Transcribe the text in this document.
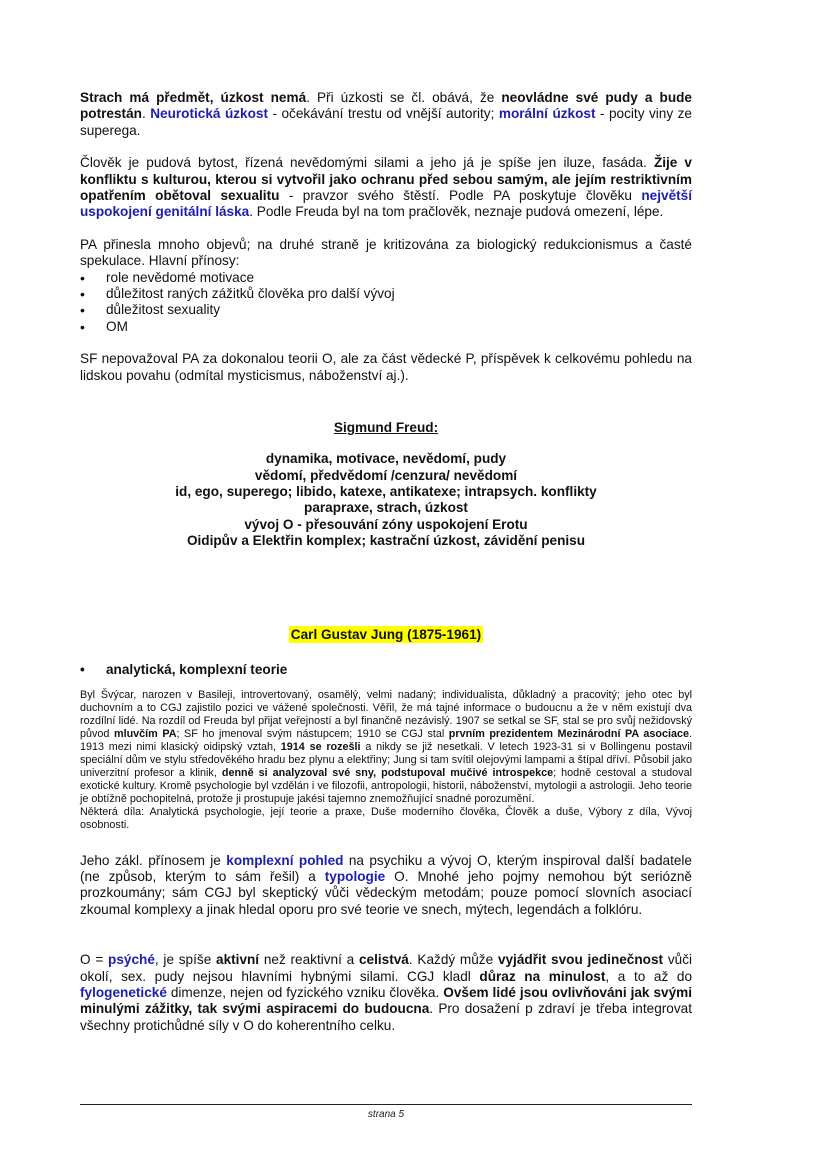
Strach má předmět, úzkost nemá. Při úzkosti se čl. obává, že neovládne své pudy a bude potrestán. Neurotická úzkost - očekávání trestu od vnější autority; morální úzkost - pocity viny ze superega.

Člověk je pudová bytost, řízená nevědomými silami a jeho já je spíše jen iluze, fasáda. Žije v konfliktu s kulturou, kterou si vytvořil jako ochranu před sebou samým, ale jejím restriktivním opatřením obětoval sexualitu - pravzor svého štěstí. Podle PA poskytuje člověku největší uspokojení genitální láska. Podle Freuda byl na tom pračlověk, neznaje pudová omezení, lépe.

PA přinesla mnoho objevů; na druhé straně je kritizována za biologický redukcionismus a časté spekulace. Hlavní přínosy:

• role nevědomé motivace
• důležitost raných zážitků člověka pro další vývoj
• důležitost sexuality
• OM

SF nepovažoval PA za dokonalou teorii O, ale za část vědecké P, příspěvek k celkovému pohledu na lidskou povahu (odmítal mysticismus, náboženství aj.).

Sigmund Freud:
dynamika, motivace, nevědomí, pudy
vědomí, předvědomí /cenzura/ nevědomí
id, ego, superego; libido, katexe, antikatexe; intrapsych. konflikty
parapraxe, strach, úzkost
vývoj O - přesouvání zóny uspokojení Erotu
Oidipův a Elektřin komplex; kastrační úzkost, závidění penisu
Carl Gustav Jung (1875-1961)
• analytická, komplexní teorie
Byl Švýcar, narozen v Basileji, introvertovaný, osamělý, velmi nadaný; individualista, důkladný a pracovitý; jeho otec byl duchovním a to CGJ zajistilo pozici ve vážené společnosti. Věřil, že má tajné informace o budoucnu a že v něm existují dva rozdílní lidé. Na rozdíl od Freuda byl přijat veřejností a byl finančně nezávislý. 1907 se setkal se SF, stal se pro svůj nežidovský původ mluvčím PA; SF ho jmenoval svým nástupcem; 1910 se CGJ stal prvním prezidentem Mezinárodní PA asociace. 1913 mezi nimi klasický oidipský vztah, 1914 se rozešli a nikdy se již nesetkali. V letech 1923-31 si v Bollingenu postavil speciální dům ve stylu středověkého hradu bez plynu a elektřiny; Jung si tam svítil olejovými lampami a štípal dříví. Působil jako univerzitní profesor a klinik, denně si analyzoval své sny, podstupoval mučivé introspekce; hodně cestoval a studoval exotické kultury. Kromě psychologie byl vzdělán i ve filozofii, antropologii, historii, náboženství, mytologii a astrologii. Jeho teorie je obtížně pochopitelná, protože ji prostupuje jakési tajemno znemožňující snadné porozumění.
Některá díla: Analytická psychologie, její teorie a praxe, Duše moderního člověka, Člověk a duše, Výbory z díla, Vývoj osobnosti.

Jeho zákl. přínosem je komplexní pohled na psychiku a vývoj O, kterým inspiroval další badatele (ne způsob, kterým to sám řešil) a typologie O. Mnohé jeho pojmy nemohou být seriózně prozkoumány; sám CGJ byl skeptický vůči vědeckým metodám; pouze pomocí slovních asociací zkoumal komplexy a jinak hledal oporu pro své teorie ve snech, mýtech, legendách a folklóru.

O = psýché, je spíše aktivní než reaktivní a celistvá. Každý může vyjádřit svou jedinečnost vůči okolí, sex. pudy nejsou hlavními hybnými silami. CGJ kladl důraz na minulost, a to až do fylogenetické dimenze, nejen od fyzického vzniku člověka. Ovšem lidé jsou ovlivňováni jak svými minulými zážitky, tak svými aspiracemi do budoucna. Pro dosažení p zdraví je třeba integrovat všechny protichůdné síly v O do koherentního celku.

strana 5
